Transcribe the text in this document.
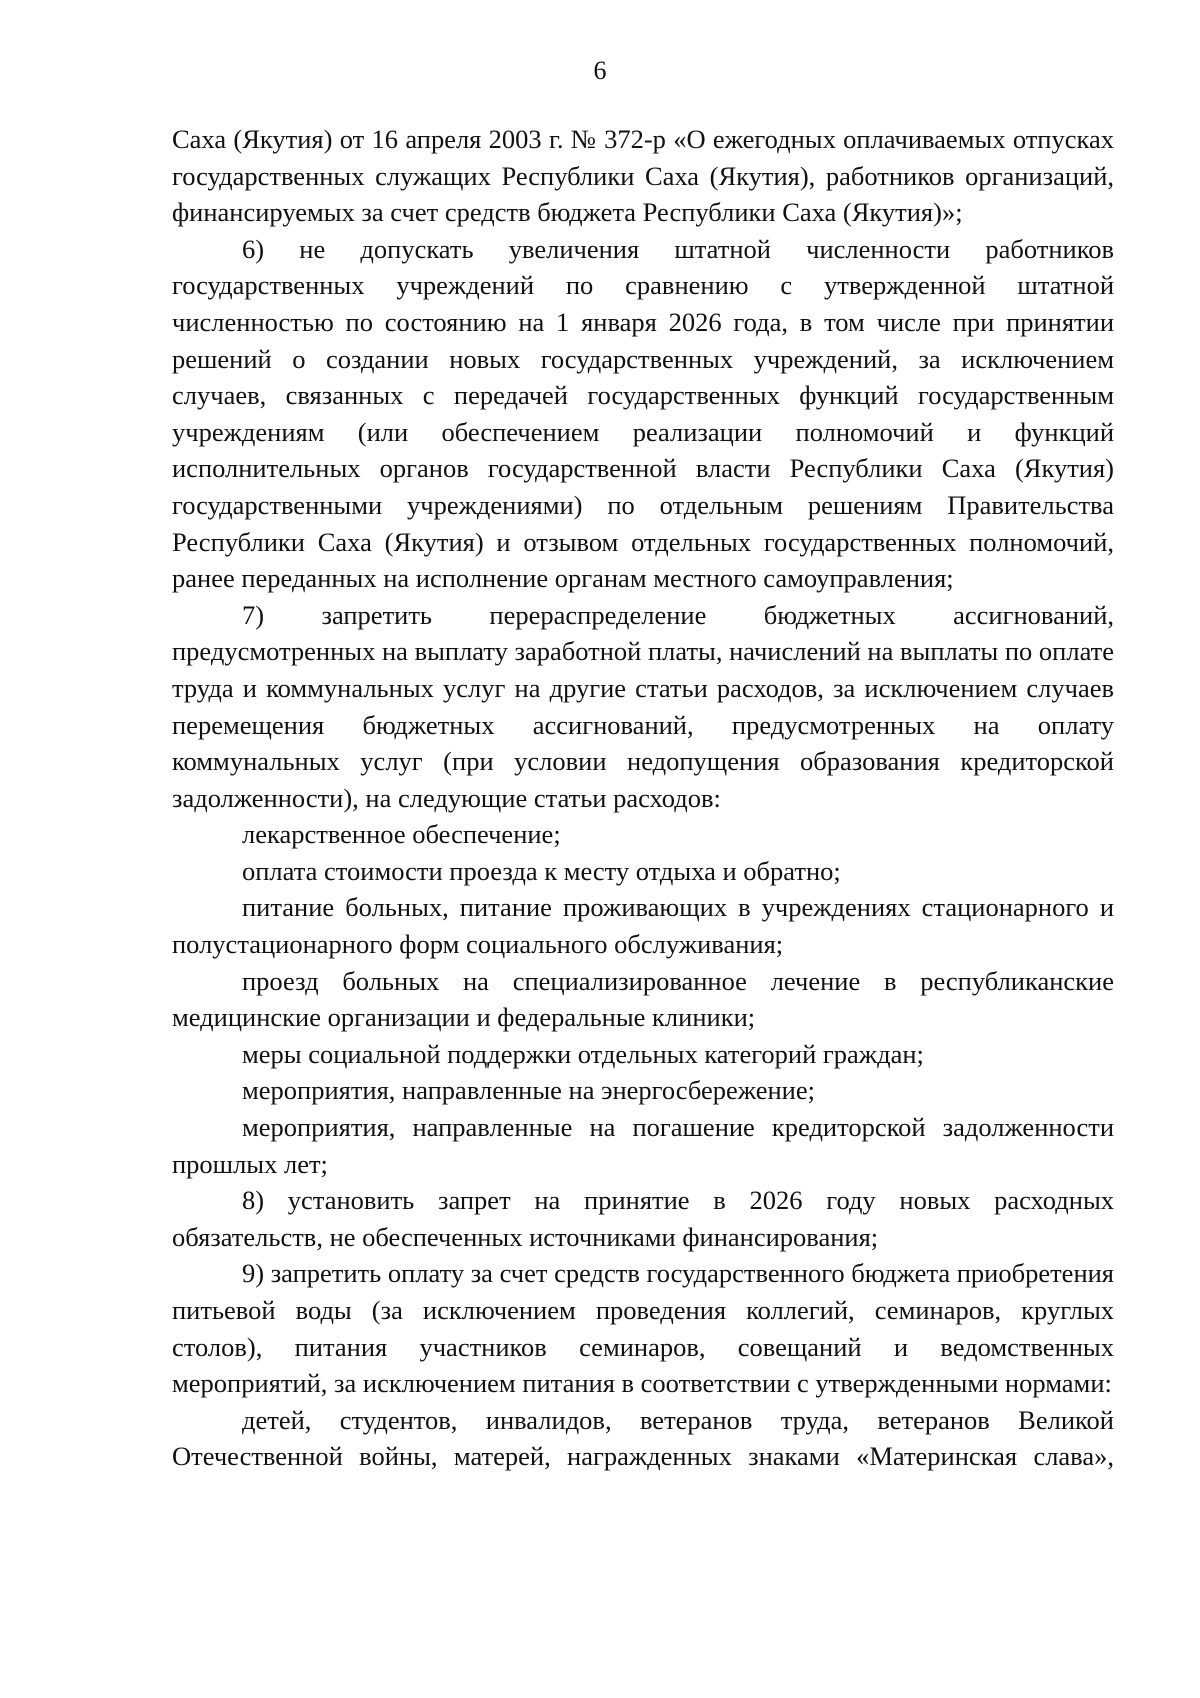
6

Саха (Якутия) от 16 апреля 2003 г. № 372-р «О ежегодных оплачиваемых отпусках государственных служащих Республики Саха (Якутия), работников организаций, финансируемых за счет средств бюджета Республики Саха (Якутия)»;

6) не допускать увеличения штатной численности работников государственных учреждений по сравнению с утвержденной штатной численностью по состоянию на 1 января 2026 года, в том числе при принятии решений о создании новых государственных учреждений, за исключением случаев, связанных с передачей государственных функций государственным учреждениям (или обеспечением реализации полномочий и функций исполнительных органов государственной власти Республики Саха (Якутия) государственными учреждениями) по отдельным решениям Правительства Республики Саха (Якутия) и отзывом отдельных государственных полномочий, ранее переданных на исполнение органам местного самоуправления;

7) запретить перераспределение бюджетных ассигнований, предусмотренных на выплату заработной платы, начислений на выплаты по оплате труда и коммунальных услуг на другие статьи расходов, за исключением случаев перемещения бюджетных ассигнований, предусмотренных на оплату коммунальных услуг (при условии недопущения образования кредиторской задолженности), на следующие статьи расходов:

лекарственное обеспечение;

оплата стоимости проезда к месту отдыха и обратно;

питание больных, питание проживающих в учреждениях стационарного и полустационарного форм социального обслуживания;

проезд больных на специализированное лечение в республиканские медицинские организации и федеральные клиники;

меры социальной поддержки отдельных категорий граждан;

мероприятия, направленные на энергосбережение;

мероприятия, направленные на погашение кредиторской задолженности прошлых лет;

8) установить запрет на принятие в 2026 году новых расходных обязательств, не обеспеченных источниками финансирования;

9) запретить оплату за счет средств государственного бюджета приобретения питьевой воды (за исключением проведения коллегий, семинаров, круглых столов), питания участников семинаров, совещаний и ведомственных мероприятий, за исключением питания в соответствии с утвержденными нормами:

детей, студентов, инвалидов, ветеранов труда, ветеранов Великой Отечественной войны, матерей, награжденных знаками «Материнская слава»,
